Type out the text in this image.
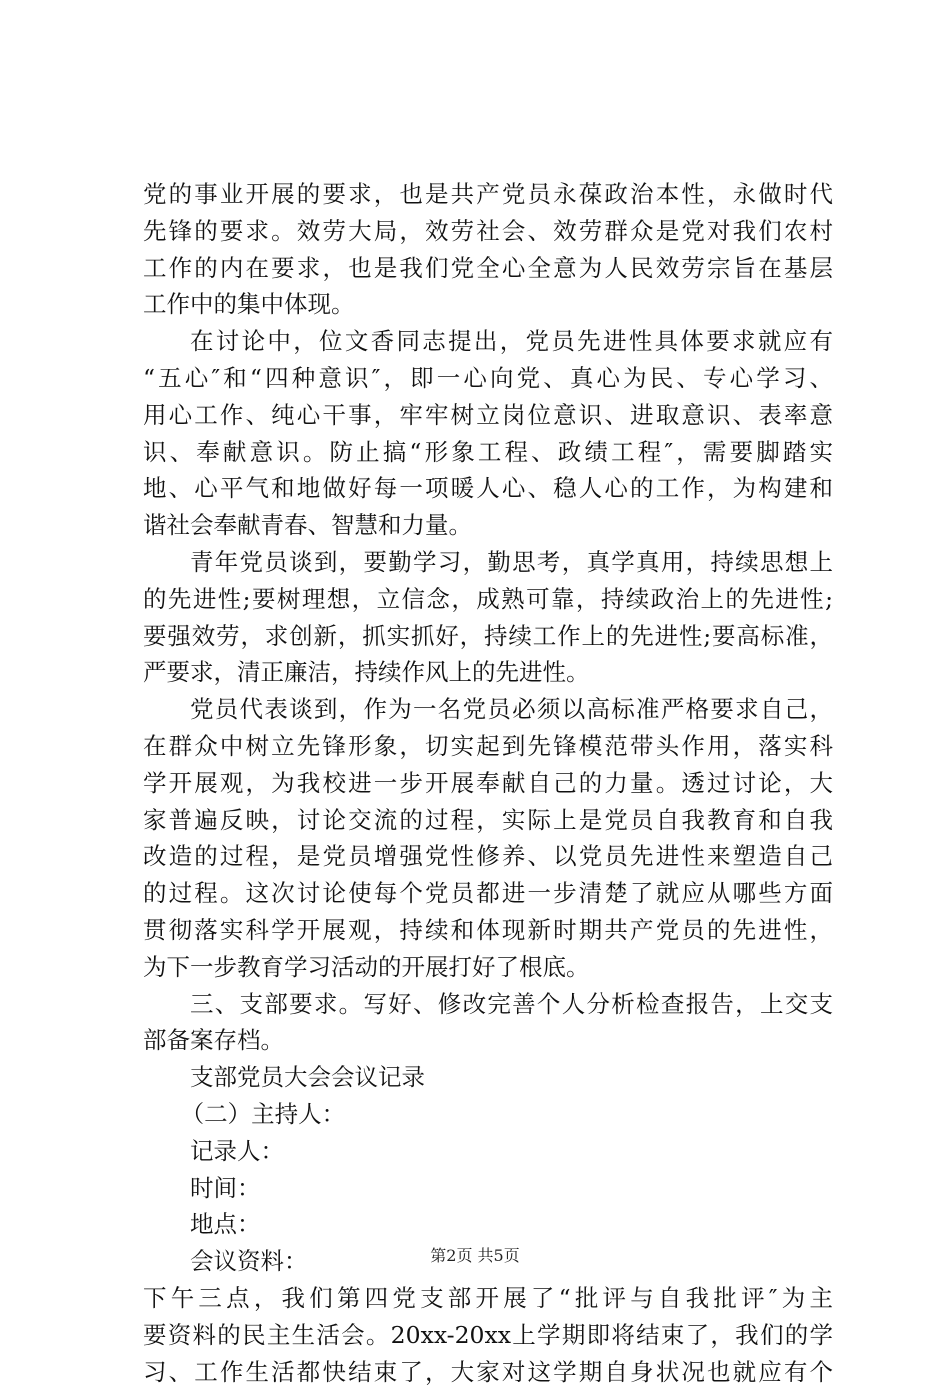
党的事业开展的要求，也是共产党员永葆政治本性，永做时代
先锋的要求。效劳大局，效劳社会、效劳群众是党对我们农村
工作的内在要求，也是我们党全心全意为人民效劳宗旨在基层
工作中的集中体现。
在讨论中，位文香同志提出，党员先进性具体要求就应有
“五心″和“四种意识″，即一心向党、真心为民、专心学习、
用心工作、纯心干事，牢牢树立岗位意识、进取意识、表率意
识、奉献意识。防止搞“形象工程、政绩工程″，需要脚踏实
地、心平气和地做好每一项暖人心、稳人心的工作，为构建和
谐社会奉献青春、智慧和力量。
青年党员谈到，要勤学习，勤思考，真学真用，持续思想上
的先进性;要树理想，立信念，成熟可靠，持续政治上的先进性;
要强效劳，求创新，抓实抓好，持续工作上的先进性;要高标准，
严要求，清正廉洁，持续作风上的先进性。
党员代表谈到，作为一名党员必须以高标准严格要求自己，
在群众中树立先锋形象，切实起到先锋模范带头作用，落实科
学开展观，为我校进一步开展奉献自己的力量。透过讨论，大
家普遍反映，讨论交流的过程，实际上是党员自我教育和自我
改造的过程，是党员增强党性修养、以党员先进性来塑造自己
的过程。这次讨论使每个党员都进一步清楚了就应从哪些方面
贯彻落实科学开展观，持续和体现新时期共产党员的先进性，
为下一步教育学习活动的开展打好了根底。
三、支部要求。写好、修改完善个人分析检查报告，上交支
部备案存档。
支部党员大会会议记录
（二）主持人：
记录人：
时间：
地点：
会议资料：
下午三点，我们第四党支部开展了“批评与自我批评″为主
要资料的民主生活会。20xx-20xx上学期即将结束了，我们的学
习、工作生活都快结束了，大家对这学期自身状况也就应有个
第2页 共5页
